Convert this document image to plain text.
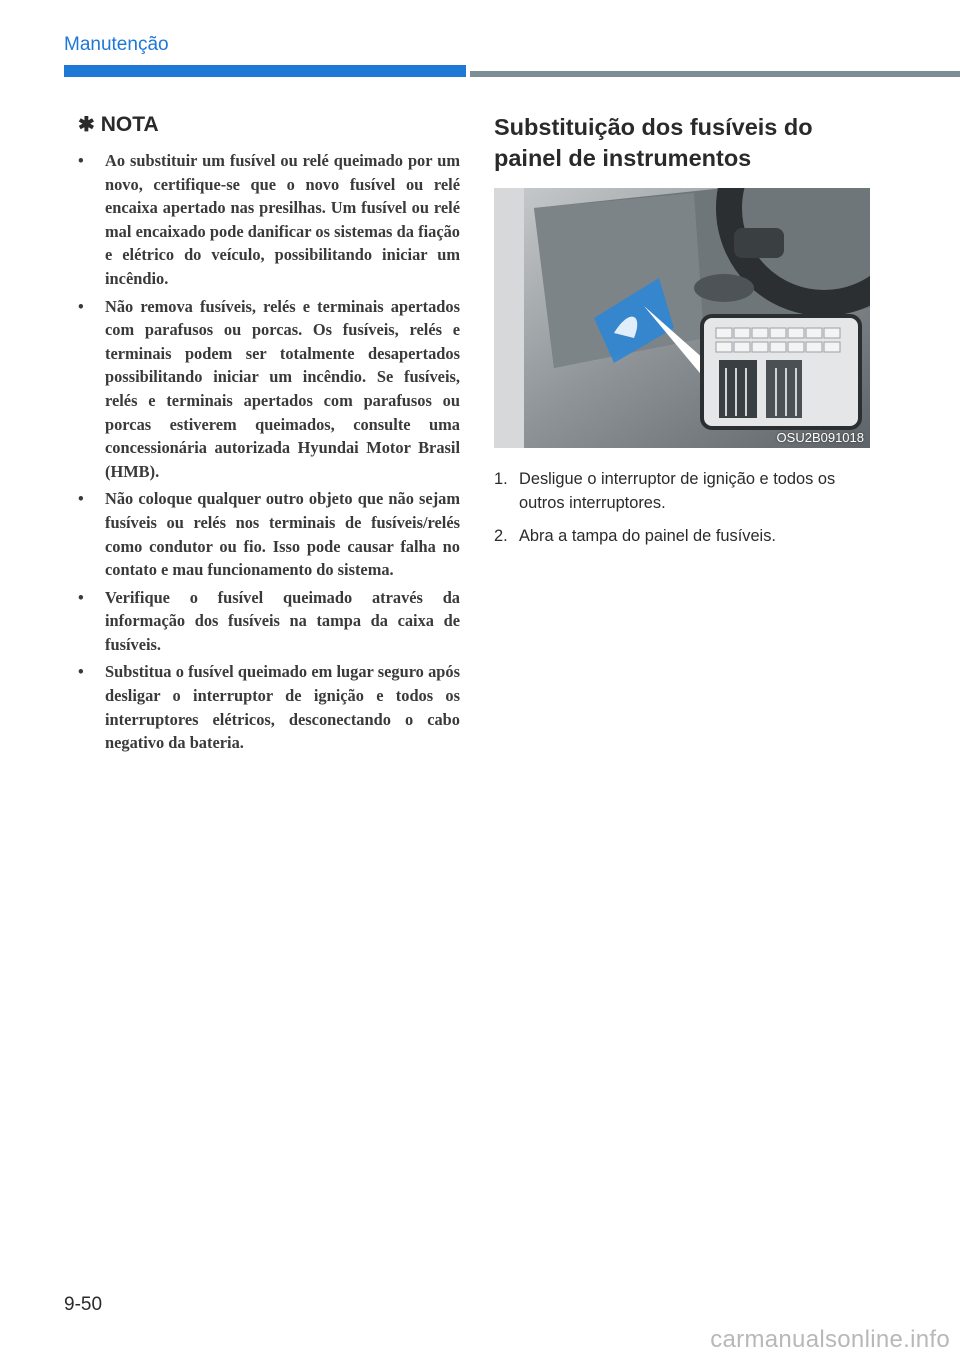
Manutenção
✱ NOTA
• Ao substituir um fusível ou relé queimado por um novo, certifique-se que o novo fusível ou relé encaixa apertado nas presilhas. Um fusível ou relé mal encaixado pode danificar os sistemas da fiação e elétrico do veículo, possibilitando iniciar um incêndio.
• Não remova fusíveis, relés e terminais apertados com parafusos ou porcas. Os fusíveis, relés e terminais podem ser totalmente desapertados possibilitando iniciar um incêndio. Se fusíveis, relés e terminais apertados com parafusos ou porcas estiverem queimados, consulte uma concessionária autorizada Hyundai Motor Brasil (HMB).
• Não coloque qualquer outro objeto que não sejam fusíveis ou relés nos terminais de fusíveis/relés como condutor ou fio. Isso pode causar falha no contato e mau funcionamento do sistema.
• Verifique o fusível queimado através da informação dos fusíveis na tampa da caixa de fusíveis.
• Substitua o fusível queimado em lugar seguro após desligar o interruptor de ignição e todos os interruptores elétricos, desconectando o cabo negativo da bateria.
Substituição dos fusíveis do painel de instrumentos
OSU2B091018
1. Desligue o interruptor de ignição e todos os outros interruptores.
2. Abra a tampa do painel de fusíveis.
9-50
carmanualsonline.info
